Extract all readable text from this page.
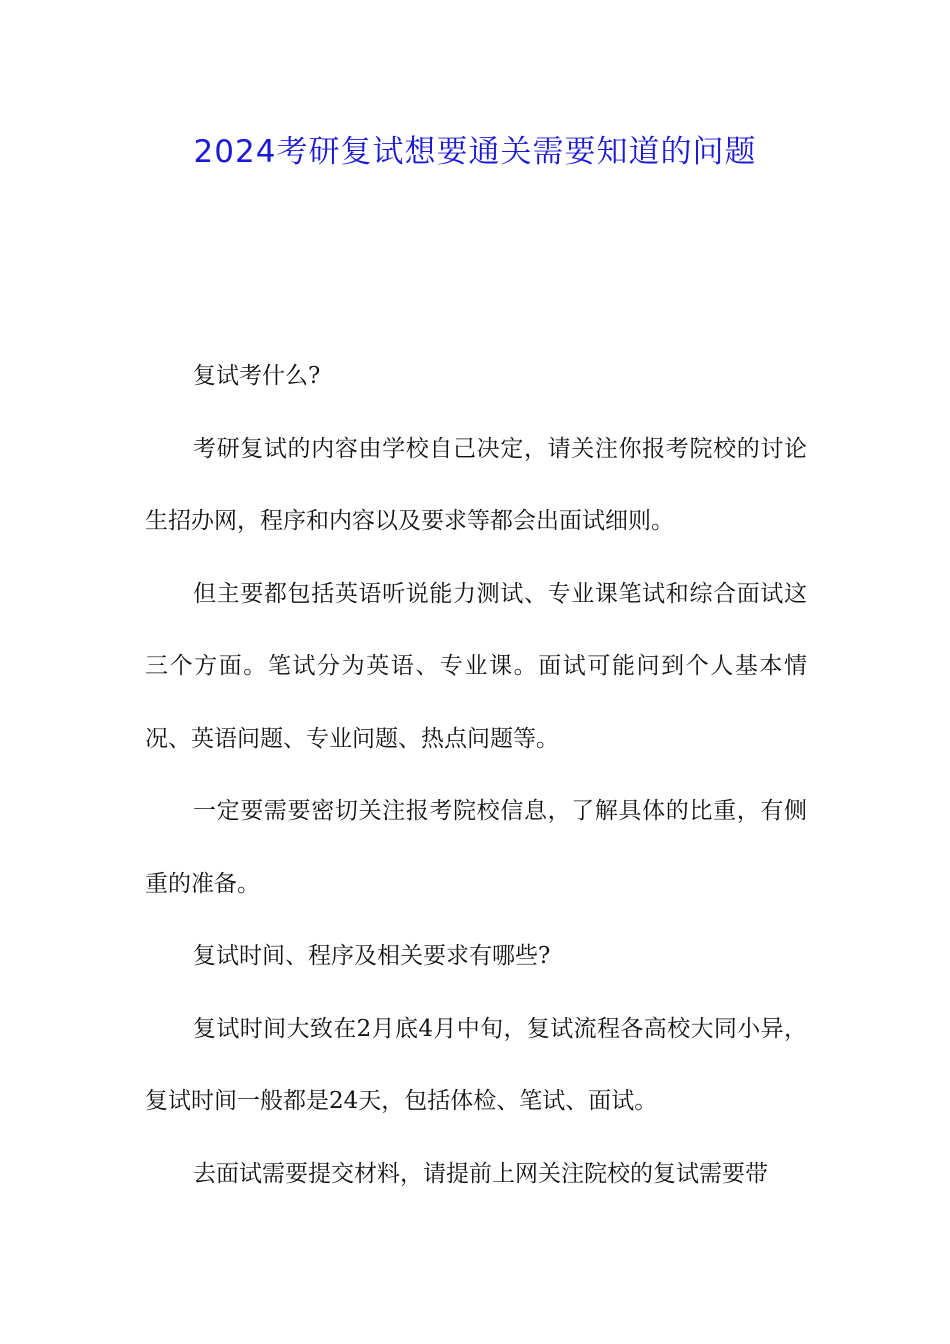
2024考研复试想要通关需要知道的问题

复试考什么?

考研复试的内容由学校自己决定，请关注你报考院校的讨论生招办网，程序和内容以及要求等都会出面试细则。

但主要都包括英语听说能力测试、专业课笔试和综合面试这三个方面。笔试分为英语、专业课。面试可能问到个人基本情况、英语问题、专业问题、热点问题等。

一定要需要密切关注报考院校信息，了解具体的比重，有侧重的准备。

复试时间、程序及相关要求有哪些?

复试时间大致在2月底4月中旬，复试流程各高校大同小异，复试时间一般都是24天，包括体检、笔试、面试。

去面试需要提交材料，请提前上网关注院校的复试需要带
